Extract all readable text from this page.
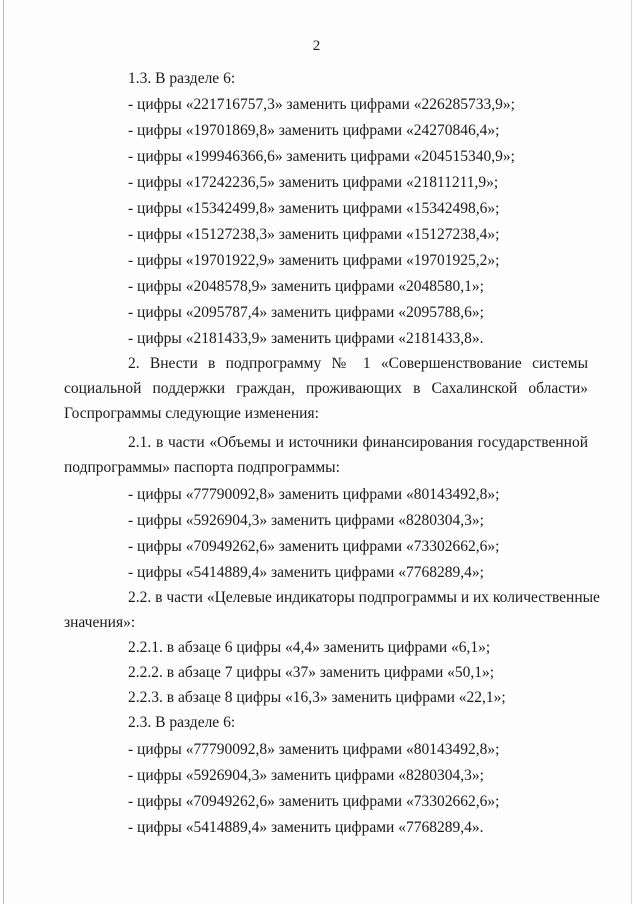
2
1.3. В разделе 6:
- цифры «221716757,3» заменить цифрами «226285733,9»;
- цифры «19701869,8» заменить цифрами «24270846,4»;
- цифры «199946366,6» заменить цифрами «204515340,9»;
- цифры «17242236,5» заменить цифрами «21811211,9»;
- цифры «15342499,8» заменить цифрами «15342498,6»;
- цифры «15127238,3» заменить цифрами «15127238,4»;
- цифры «19701922,9» заменить цифрами «19701925,2»;
- цифры «2048578,9» заменить цифрами «2048580,1»;
- цифры «2095787,4» заменить цифрами «2095788,6»;
- цифры «2181433,9» заменить цифрами «2181433,8».
2. Внести в подпрограмму № 1 «Совершенствование системы
социальной поддержки граждан, проживающих в Сахалинской области»
Госпрограммы следующие изменения:
2.1. в части «Объемы и источники финансирования государственной
подпрограммы» паспорта подпрограммы:
- цифры «77790092,8» заменить цифрами «80143492,8»;
- цифры «5926904,3» заменить цифрами «8280304,3»;
- цифры «70949262,6» заменить цифрами «73302662,6»;
- цифры «5414889,4» заменить цифрами «7768289,4»;
2.2. в части «Целевые индикаторы подпрограммы и их количественные
значения»:
2.2.1. в абзаце 6 цифры «4,4» заменить цифрами «6,1»;
2.2.2. в абзаце 7 цифры «37» заменить цифрами «50,1»;
2.2.3. в абзаце 8 цифры «16,3» заменить цифрами «22,1»;
2.3. В разделе 6:
- цифры «77790092,8» заменить цифрами «80143492,8»;
- цифры «5926904,3» заменить цифрами «8280304,3»;
- цифры «70949262,6» заменить цифрами «73302662,6»;
- цифры «5414889,4» заменить цифрами «7768289,4».
